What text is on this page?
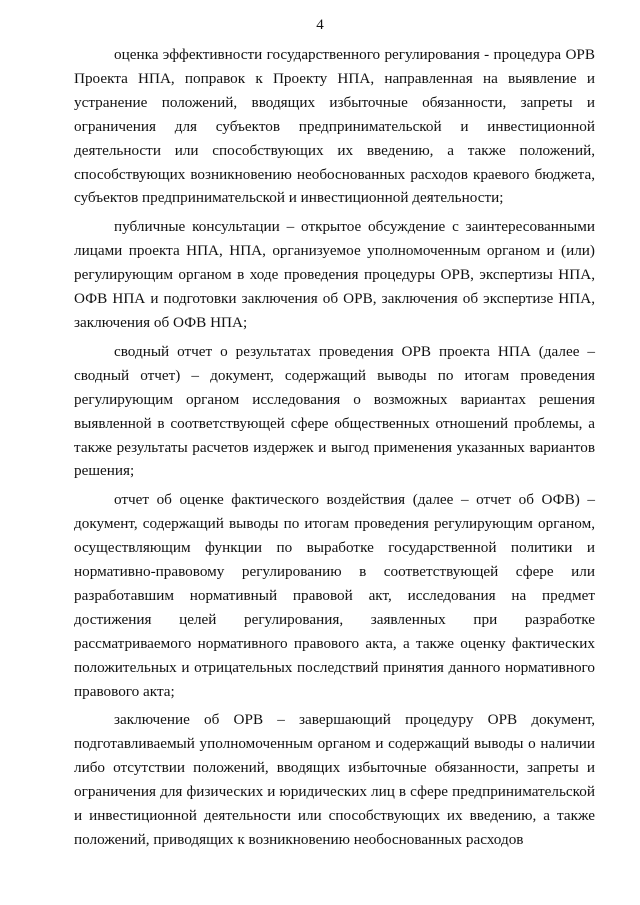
4

оценка эффективности государственного регулирования - процедура ОРВ Проекта НПА, поправок к Проекту НПА, направленная на выявление и устранение положений, вводящих избыточные обязанности, запреты и ограничения для субъектов предпринимательской и инвестиционной деятельности или способствующих их введению, а также положений, способствующих возникновению необоснованных расходов краевого бюджета, субъектов предпринимательской и инвестиционной деятельности;

публичные консультации – открытое обсуждение с заинтересованными лицами проекта НПА, НПА, организуемое уполномоченным органом и (или) регулирующим органом в ходе проведения процедуры ОРВ, экспертизы НПА, ОФВ НПА и подготовки заключения об ОРВ, заключения об экспертизе НПА, заключения об ОФВ НПА;

сводный отчет о результатах проведения ОРВ проекта НПА (далее – сводный отчет) – документ, содержащий выводы по итогам проведения регулирующим органом исследования о возможных вариантах решения выявленной в соответствующей сфере общественных отношений проблемы, а также результаты расчетов издержек и выгод применения указанных вариантов решения;

отчет об оценке фактического воздействия (далее – отчет об ОФВ) – документ, содержащий выводы по итогам проведения регулирующим органом, осуществляющим функции по выработке государственной политики и нормативно-правовому регулированию в соответствующей сфере или разработавшим нормативный правовой акт, исследования на предмет достижения целей регулирования, заявленных при разработке рассматриваемого нормативного правового акта, а также оценку фактических положительных и отрицательных последствий принятия данного нормативного правового акта;

заключение об ОРВ – завершающий процедуру ОРВ документ, подготавливаемый уполномоченным органом и содержащий выводы о наличии либо отсутствии положений, вводящих избыточные обязанности, запреты и ограничения для физических и юридических лиц в сфере предпринимательской и инвестиционной деятельности или способствующих их введению, а также положений, приводящих к возникновению необоснованных расходов
